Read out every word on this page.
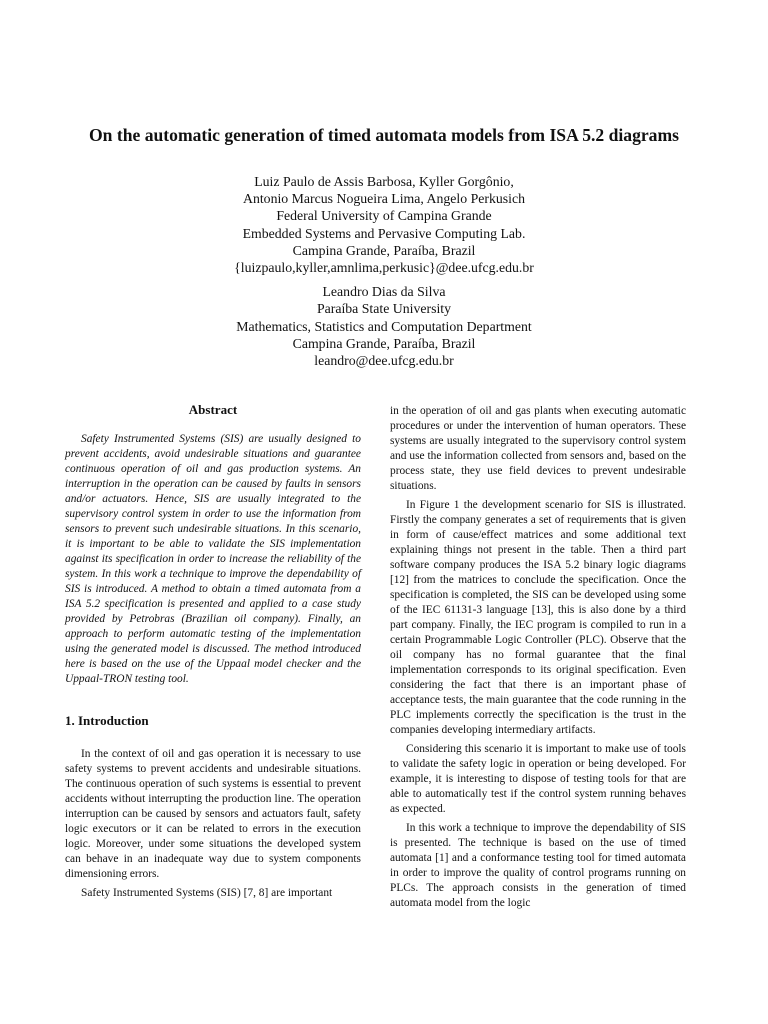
On the automatic generation of timed automata models from ISA 5.2 diagrams
Luiz Paulo de Assis Barbosa, Kyller Gorgônio,
Antonio Marcus Nogueira Lima, Angelo Perkusich
Federal University of Campina Grande
Embedded Systems and Pervasive Computing Lab.
Campina Grande, Paraíba, Brazil
{luizpaulo,kyller,amnlima,perkusic}@dee.ufcg.edu.br
Leandro Dias da Silva
Paraíba State University
Mathematics, Statistics and Computation Department
Campina Grande, Paraíba, Brazil
leandro@dee.ufcg.edu.br
Abstract

Safety Instrumented Systems (SIS) are usually designed to prevent accidents, avoid undesirable situations and guarantee continuous operation of oil and gas production systems. An interruption in the operation can be caused by faults in sensors and/or actuators. Hence, SIS are usually integrated to the supervisory control system in order to use the information from sensors to prevent such undesirable situations. In this scenario, it is important to be able to validate the SIS implementation against its specification in order to increase the reliability of the system. In this work a technique to improve the dependability of SIS is introduced. A method to obtain a timed automata from a ISA 5.2 specification is presented and applied to a case study provided by Petrobras (Brazilian oil company). Finally, an approach to perform automatic testing of the implementation using the generated model is discussed. The method introduced here is based on the use of the Uppaal model checker and the Uppaal-TRON testing tool.

1. Introduction

In the context of oil and gas operation it is necessary to use safety systems to prevent accidents and undesirable situations. The continuous operation of such systems is essential to prevent accidents without interrupting the production line. The operation interruption can be caused by sensors and actuators fault, safety logic executors or it can be related to errors in the execution logic. Moreover, under some situations the developed system can behave in an inadequate way due to system components dimensioning errors.

Safety Instrumented Systems (SIS) [7, 8] are important

in the operation of oil and gas plants when executing automatic procedures or under the intervention of human operators. These systems are usually integrated to the supervisory control system and use the information collected from sensors and, based on the process state, they use field devices to prevent undesirable situations.

In Figure 1 the development scenario for SIS is illustrated. Firstly the company generates a set of requirements that is given in form of cause/effect matrices and some additional text explaining things not present in the table. Then a third part software company produces the ISA 5.2 binary logic diagrams [12] from the matrices to conclude the specification. Once the specification is completed, the SIS can be developed using some of the IEC 61131-3 language [13], this is also done by a third part company. Finally, the IEC program is compiled to run in a certain Programmable Logic Controller (PLC). Observe that the oil company has no formal guarantee that the final implementation corresponds to its original specification. Even considering the fact that there is an important phase of acceptance tests, the main guarantee that the code running in the PLC implements correctly the specification is the trust in the companies developing intermediary artifacts.

Considering this scenario it is important to make use of tools to validate the safety logic in operation or being developed. For example, it is interesting to dispose of testing tools for that are able to automatically test if the control system running behaves as expected.

In this work a technique to improve the dependability of SIS is presented. The technique is based on the use of timed automata [1] and a conformance testing tool for timed automata in order to improve the quality of control programs running on PLCs. The approach consists in the generation of timed automata model from the logic
